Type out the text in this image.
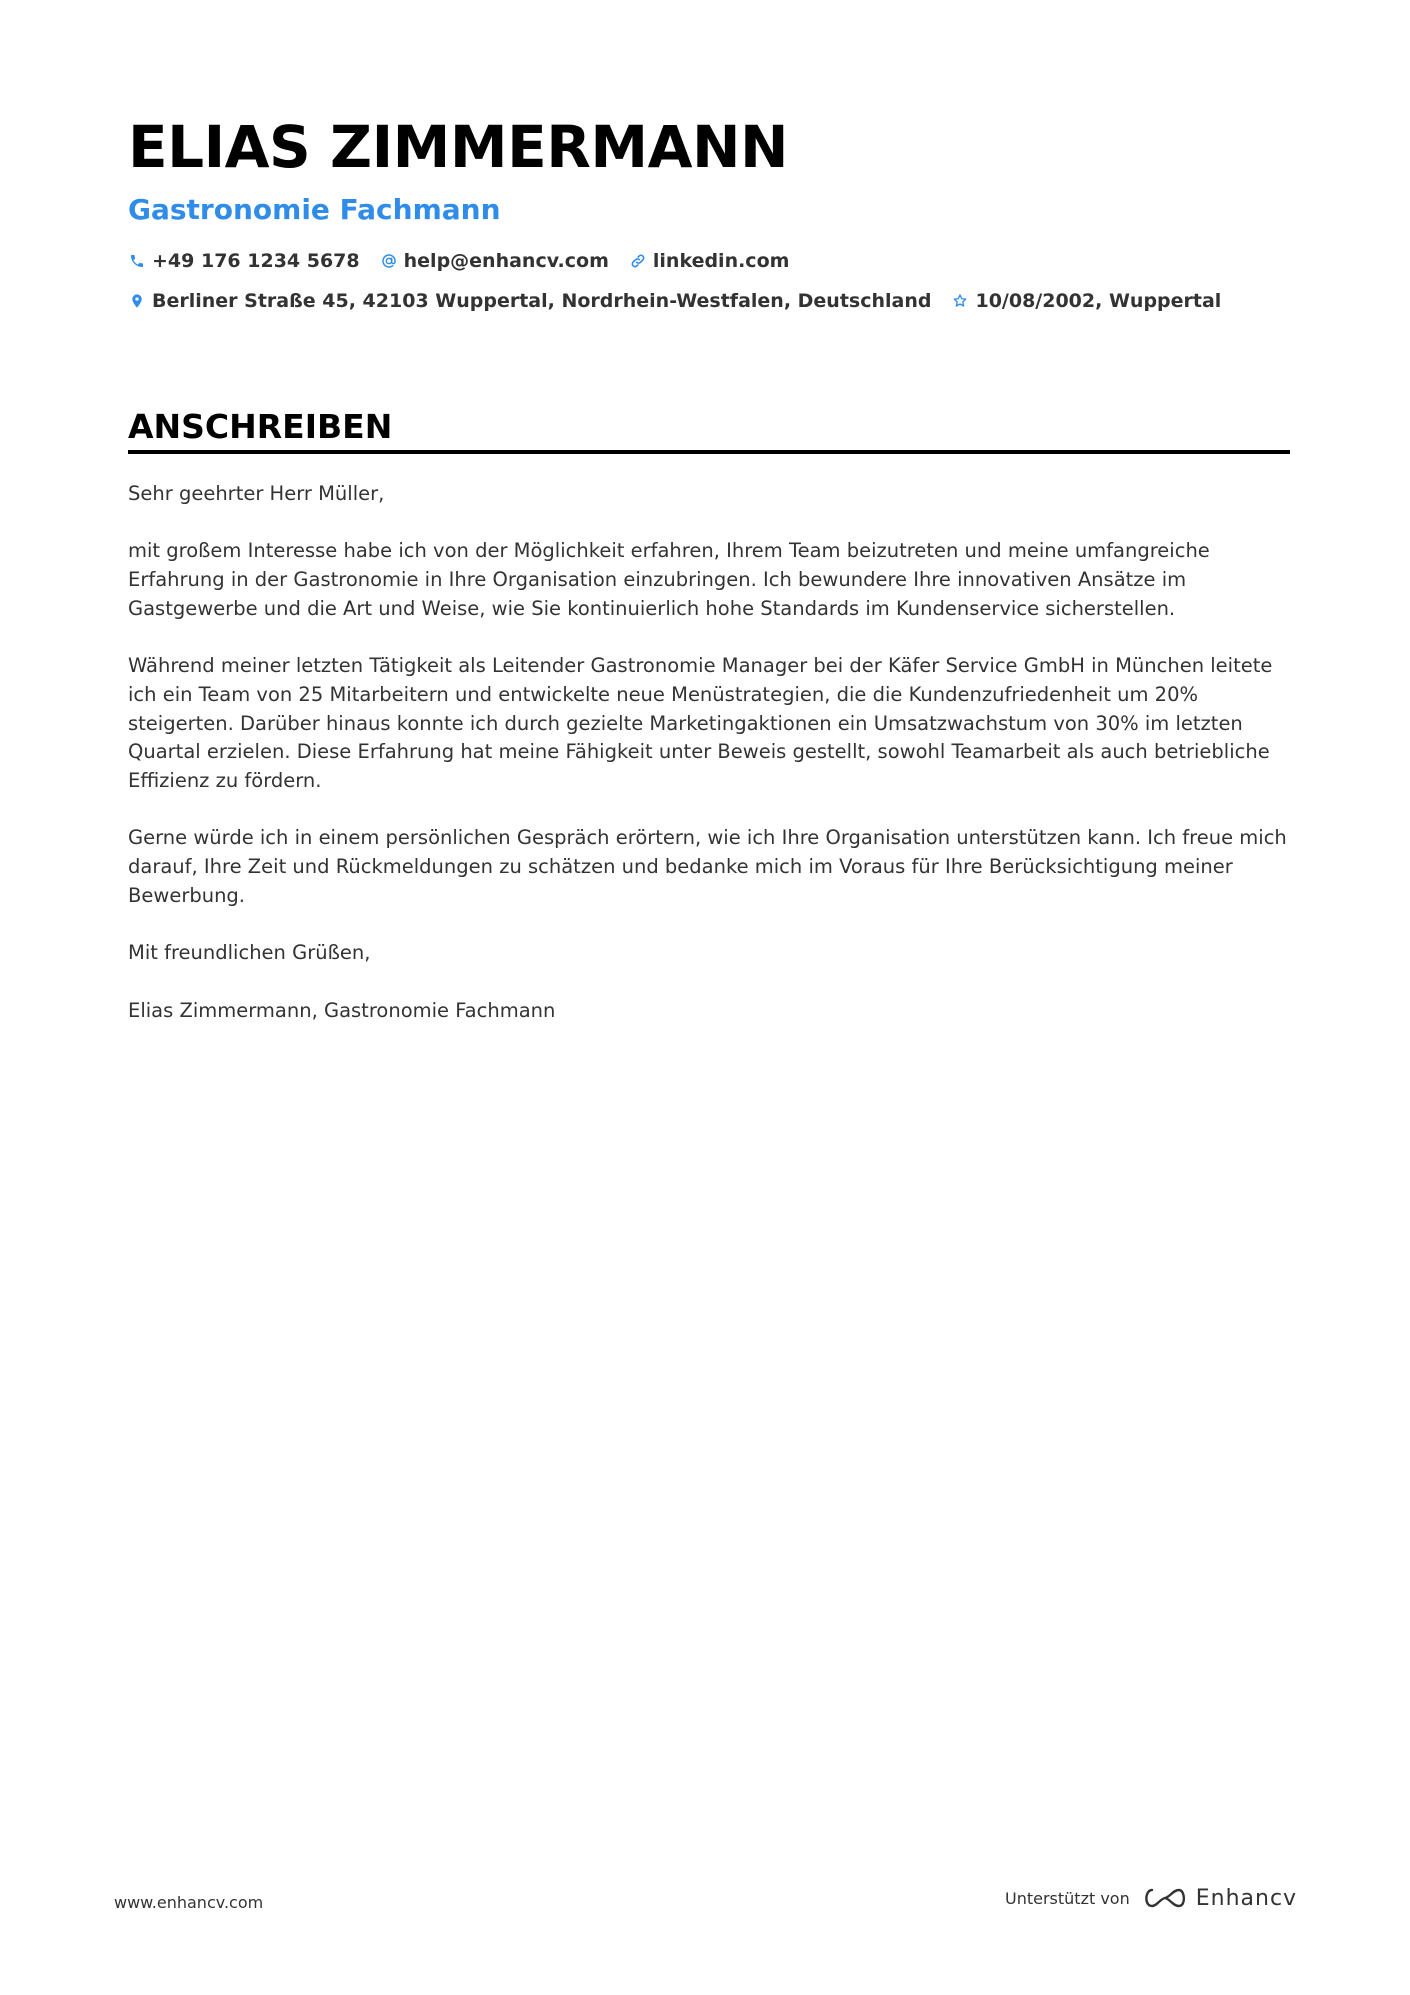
ELIAS ZIMMERMANN
Gastronomie Fachmann
+49 176 1234 5678 help@enhancv.com linkedin.com
Berliner Straße 45, 42103 Wuppertal, Nordrhein-Westfalen, Deutschland 10/08/2002, Wuppertal
ANSCHREIBEN

Sehr geehrter Herr Müller,

mit großem Interesse habe ich von der Möglichkeit erfahren, Ihrem Team beizutreten und meine umfangreiche Erfahrung in der Gastronomie in Ihre Organisation einzubringen. Ich bewundere Ihre innovativen Ansätze im Gastgewerbe und die Art und Weise, wie Sie kontinuierlich hohe Standards im Kundenservice sicherstellen.

Während meiner letzten Tätigkeit als Leitender Gastronomie Manager bei der Käfer Service GmbH in München leitete ich ein Team von 25 Mitarbeitern und entwickelte neue Menüstrategien, die die Kundenzufriedenheit um 20% steigerten. Darüber hinaus konnte ich durch gezielte Marketingaktionen ein Umsatzwachstum von 30% im letzten Quartal erzielen. Diese Erfahrung hat meine Fähigkeit unter Beweis gestellt, sowohl Teamarbeit als auch betriebliche Effizienz zu fördern.

Gerne würde ich in einem persönlichen Gespräch erörtern, wie ich Ihre Organisation unterstützen kann. Ich freue mich darauf, Ihre Zeit und Rückmeldungen zu schätzen und bedanke mich im Voraus für Ihre Berücksichtigung meiner Bewerbung.

Mit freundlichen Grüßen,

Elias Zimmermann, Gastronomie Fachmann

www.enhancv.com	Unterstützt von	Enhancv
